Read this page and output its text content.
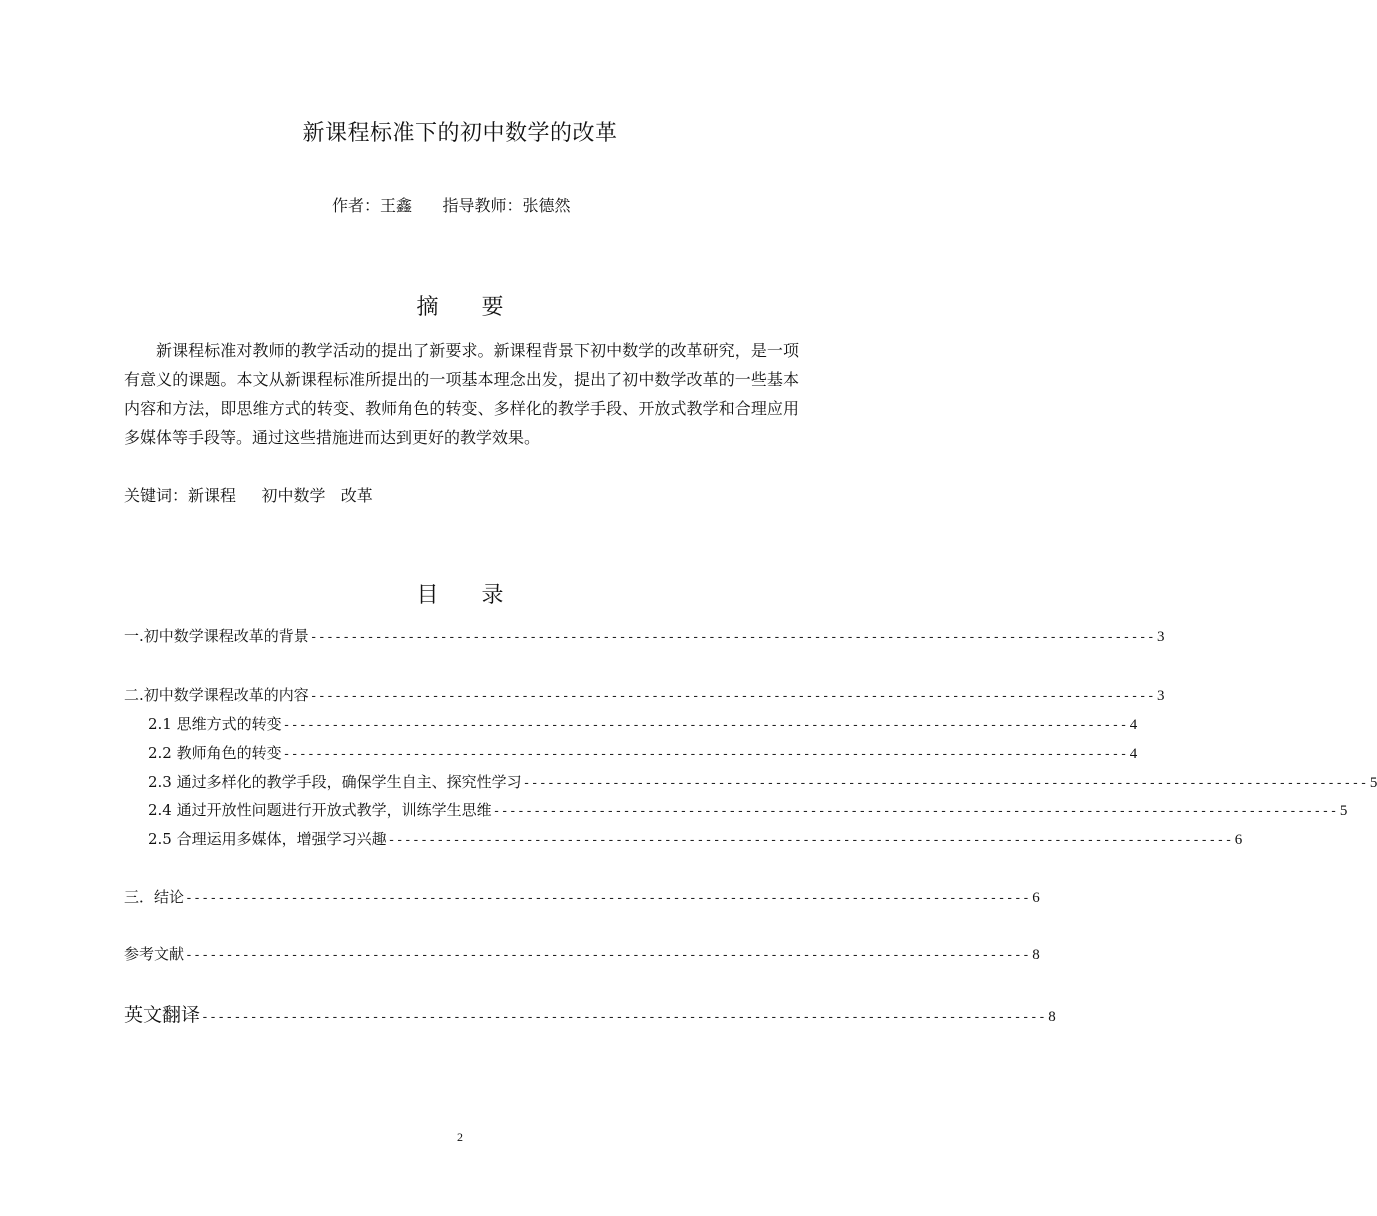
新课程标准下的初中数学的改革
作者：王鑫 指导教师：张德然
摘 要
新课程标准对教师的教学活动的提出了新要求。新课程背景下初中数学的改革研究，是一项有意义的课题。本文从新课程标准所提出的一项基本理念出发，提出了初中数学改革的一些基本内容和方法，即思维方式的转变、教师角色的转变、多样化的教学手段、开放式教学和合理应用多媒体等手段等。通过这些措施进而达到更好的教学效果。
关键词：新课程 初中数学 改革
目 录
一.初中数学课程改革的背景 -------------------------------------------------------------------------------------------------------- 3
二.初中数学课程改革的内容 -------------------------------------------------------------------------------------------------------- 3
2.1 思维方式的转变 -------------------------------------------------------------------------------------------------------- 4
2.2 教师角色的转变 -------------------------------------------------------------------------------------------------------- 4
2.3 通过多样化的教学手段，确保学生自主、探究性学习 -------------------------------------------------------------------------------------------------------- 5
2.4 通过开放性问题进行开放式教学，训练学生思维 -------------------------------------------------------------------------------------------------------- 5
2.5 合理运用多媒体，增强学习兴趣 -------------------------------------------------------------------------------------------------------- 6
三．结论 -------------------------------------------------------------------------------------------------------- 6
参考文献 -------------------------------------------------------------------------------------------------------- 8
英文翻译 -------------------------------------------------------------------------------------------------------- 8
2
